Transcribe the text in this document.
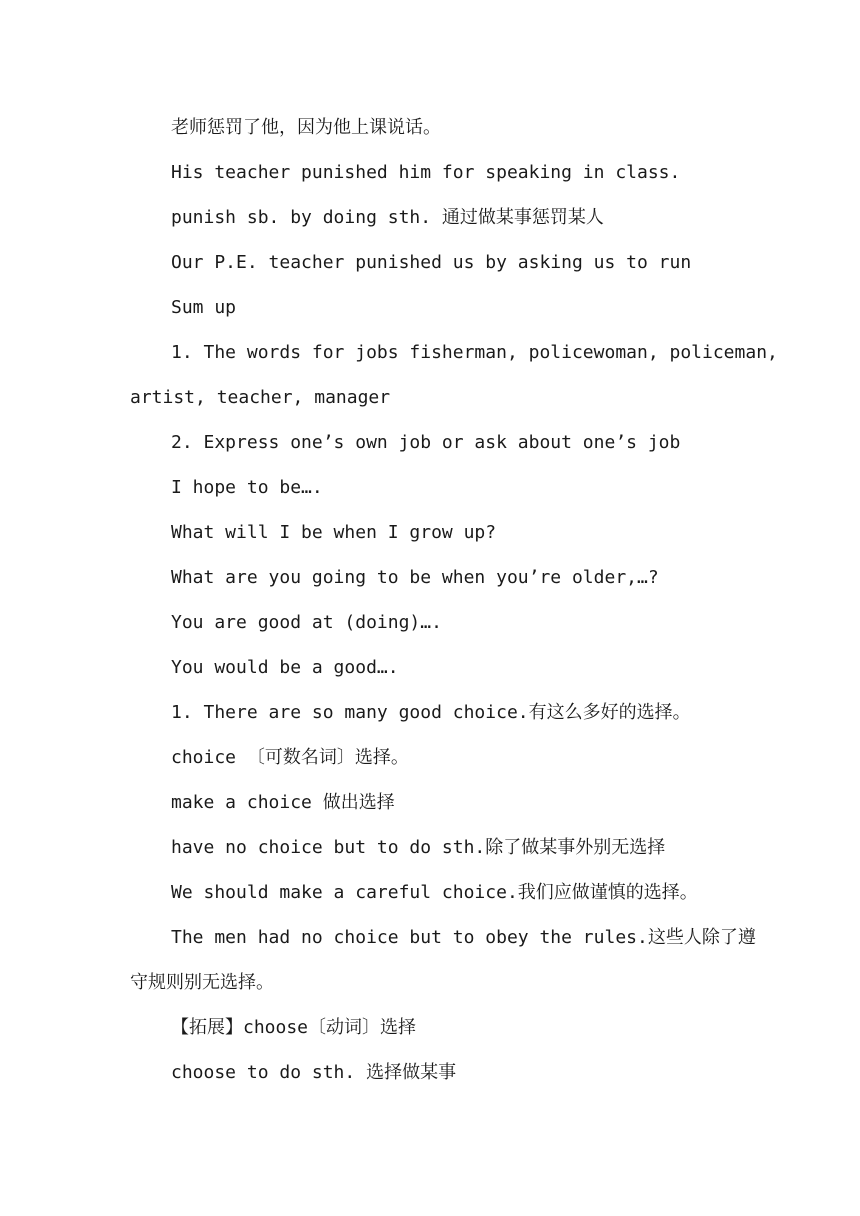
老师惩罚了他，因为他上课说话。
His teacher punished him for speaking in class.
punish sb. by doing sth. 通过做某事惩罚某人
Our P.E. teacher punished us by asking us to run
Sum up
1. The words for jobs fisherman, policewoman, policeman,
artist, teacher, manager
2. Express one’s own job or ask about one’s job
I hope to be….
What will I be when I grow up?
What are you going to be when you’re older,…?
You are good at (doing)….
You would be a good….
1. There are so many good choice.有这么多好的选择。
choice 〔可数名词〕选择。
make a choice 做出选择
have no choice but to do sth.除了做某事外别无选择
We should make a careful choice.我们应做谨慎的选择。
The men had no choice but to obey the rules.这些人除了遵
守规则别无选择。
【拓展】choose〔动词〕选择
choose to do sth. 选择做某事
